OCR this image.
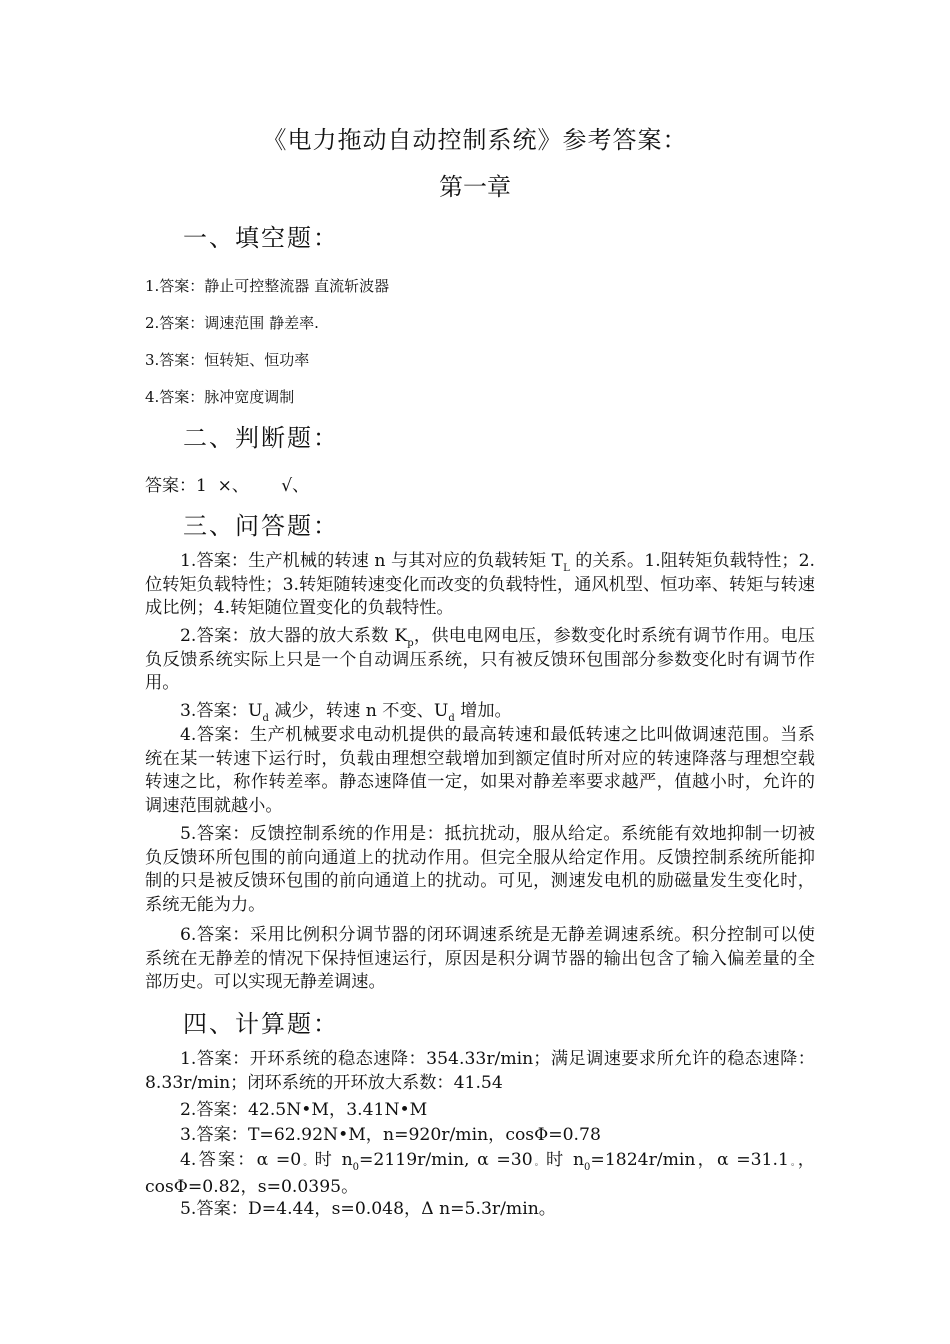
《电力拖动自动控制系统》参考答案：
第一章
一、填空题：
1.答案：静止可控整流器 直流斩波器
2.答案：调速范围 静差率.
3.答案：恒转矩、恒功率
4.答案：脉冲宽度调制
二、判断题：
答案：1  ×、      √、
三、问答题：
1.答案：生产机械的转速 n 与其对应的负载转矩 $T_L$ 的关系。1.阻转矩负载特性；2.位转矩负载特性；3.转矩随转速变化而改变的负载特性，通风机型、恒功率、转矩与转速成比例；4.转矩随位置变化的负载特性。
2.答案：放大器的放大系数 $K_p$，供电电网电压，参数变化时系统有调节作用。电压负反馈系统实际上只是一个自动调压系统，只有被反馈环包围部分参数变化时有调节作用。
3.答案：$U_d$ 减少，转速 n 不变、$U_d$ 增加。
4.答案：生产机械要求电动机提供的最高转速和最低转速之比叫做调速范围。当系统在某一转速下运行时，负载由理想空载增加到额定值时所对应的转速降落与理想空载转速之比，称作转差率。静态速降值一定，如果对静差率要求越严，值越小时，允许的调速范围就越小。
5.答案：反馈控制系统的作用是：抵抗扰动，服从给定。系统能有效地抑制一切被负反馈环所包围的前向通道上的扰动作用。但完全服从给定作用。反馈控制系统所能抑制的只是被反馈环包围的前向通道上的扰动。可见，测速发电机的励磁量发生变化时，系统无能为力。
6.答案：采用比例积分调节器的闭环调速系统是无静差调速系统。积分控制可以使系统在无静差的情况下保持恒速运行，原因是积分调节器的输出包含了输入偏差量的全部历史。可以实现无静差调速。
四、计算题：
1.答案：开环系统的稳态速降：354.33r/min；满足调速要求所允许的稳态速降：8.33r/min；闭环系统的开环放大系数：41.54
2.答案：42.5N•M，3.41N•M
3.答案：T=62.92N•M，n=920r/min，cosΦ=0.78
4.答案：α =0。时 $n_0=2119r/\min$, α =30。时 $n_0=1824r/\min$，α =31.1。，cosΦ=0.82，s=0.0395。
5.答案：D=4.44，s=0.048，Δ n=5.3r/min。
